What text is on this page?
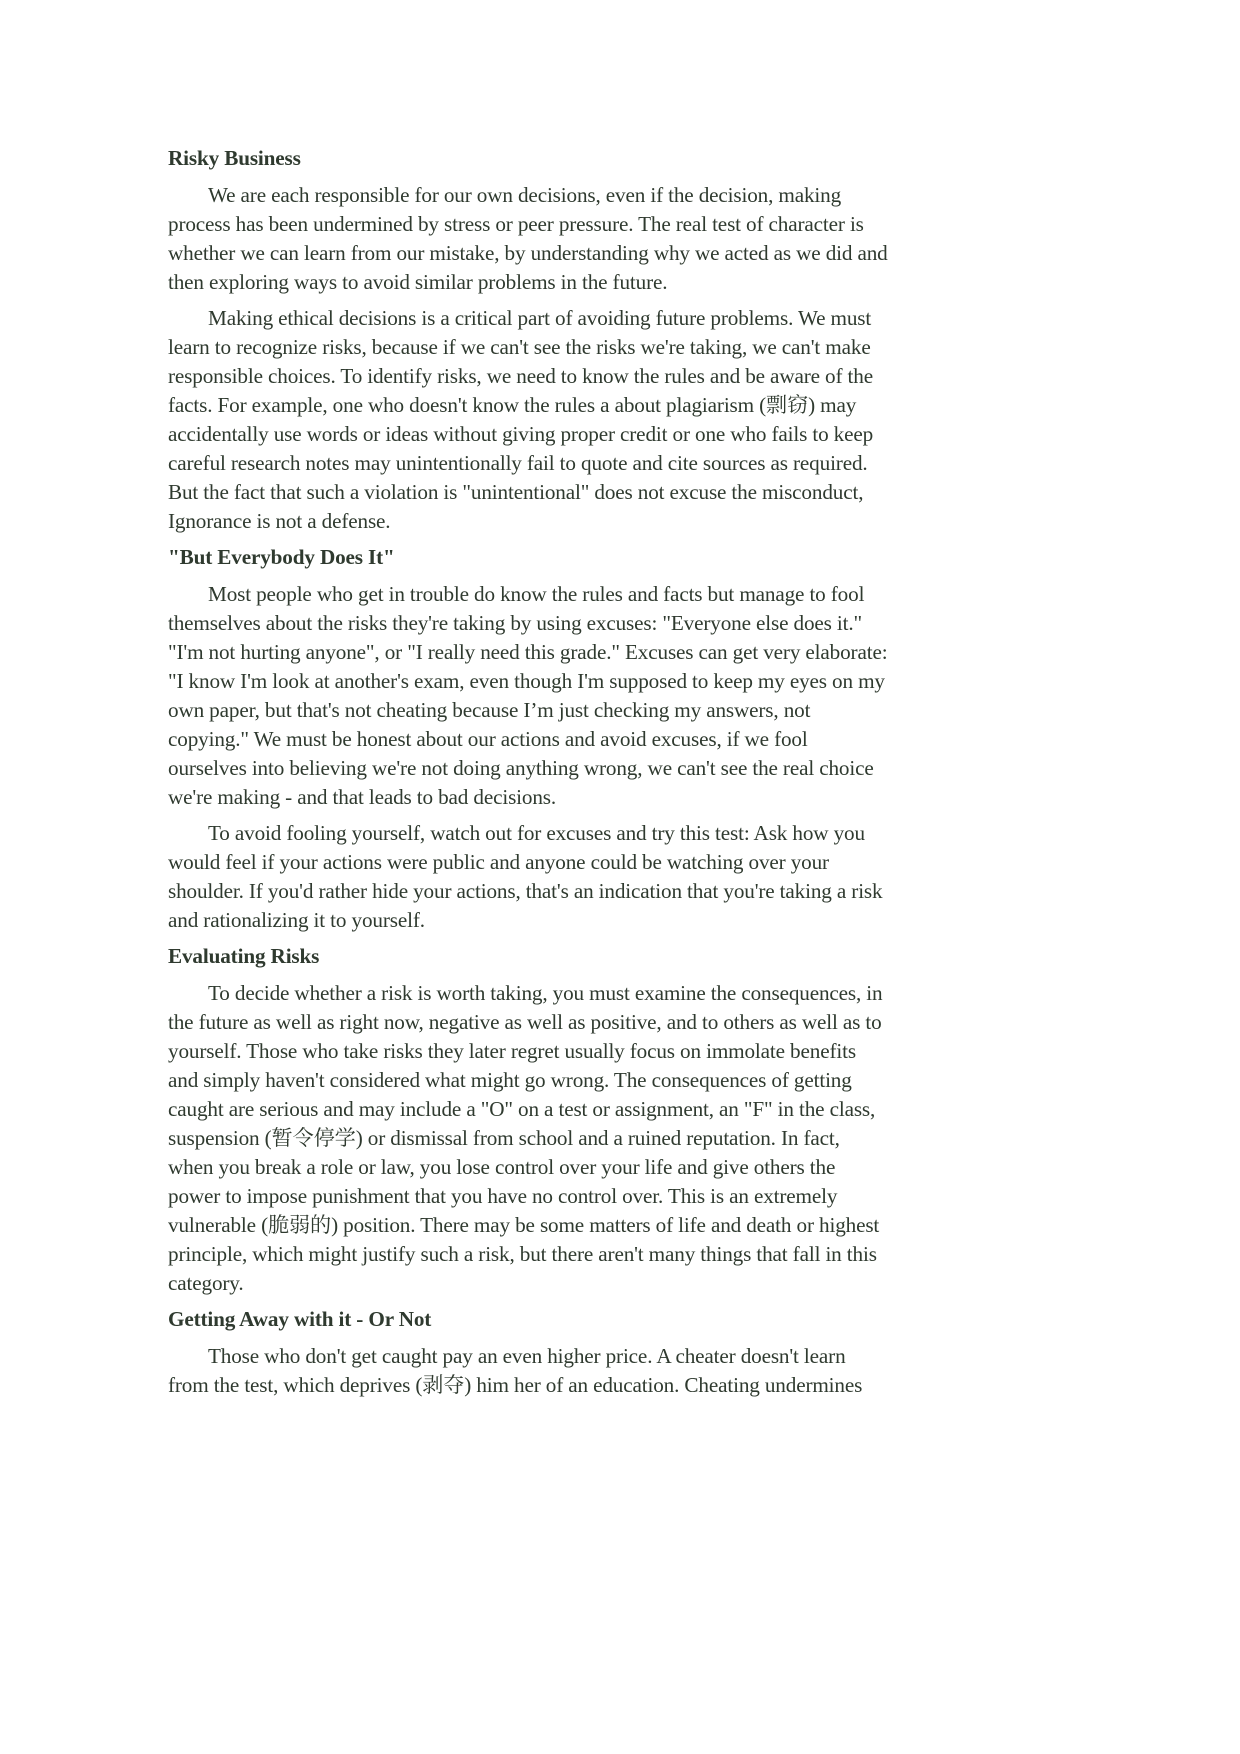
Risky Business
We are each responsible for our own decisions, even if the decision, making
process has been undermined by stress or peer pressure. The real test of character is
whether we can learn from our mistake, by understanding why we acted as we did and
then exploring ways to avoid similar problems in the future.
Making ethical decisions is a critical part of avoiding future problems. We must
learn to recognize risks, because if we can't see the risks we're taking, we can't make
responsible choices. To identify risks, we need to know the rules and be aware of the
facts. For example, one who doesn't know the rules a about plagiarism (剽窃) may
accidentally use words or ideas without giving proper credit or one who fails to keep
careful research notes may unintentionally fail to quote and cite sources as required.
But the fact that such a violation is "unintentional" does not excuse the misconduct,
Ignorance is not a defense.
"But Everybody Does It"
Most people who get in trouble do know the rules and facts but manage to fool
themselves about the risks they're taking by using excuses: "Everyone else does it."
"I'm not hurting anyone", or "I really need this grade." Excuses can get very elaborate:
"I know I'm look at another's exam, even though I'm supposed to keep my eyes on my
own paper, but that's not cheating because I’m just checking my answers, not
copying." We must be honest about our actions and avoid excuses, if we fool
ourselves into believing we're not doing anything wrong, we can't see the real choice
we're making - and that leads to bad decisions.
To avoid fooling yourself, watch out for excuses and try this test: Ask how you
would feel if your actions were public and anyone could be watching over your
shoulder. If you'd rather hide your actions, that's an indication that you're taking a risk
and rationalizing it to yourself.
Evaluating Risks
To decide whether a risk is worth taking, you must examine the consequences, in
the future as well as right now, negative as well as positive, and to others as well as to
yourself. Those who take risks they later regret usually focus on immolate benefits
and simply haven't considered what might go wrong. The consequences of getting
caught are serious and may include a "O" on a test or assignment, an "F" in the class,
suspension (暂令停学) or dismissal from school and a ruined reputation. In fact,
when you break a role or law, you lose control over your life and give others the
power to impose punishment that you have no control over. This is an extremely
vulnerable (脆弱的) position. There may be some matters of life and death or highest
principle, which might justify such a risk, but there aren't many things that fall in this
category.
Getting Away with it - Or Not
Those who don't get caught pay an even higher price. A cheater doesn't learn
from the test, which deprives (剥夺) him her of an education. Cheating undermines
